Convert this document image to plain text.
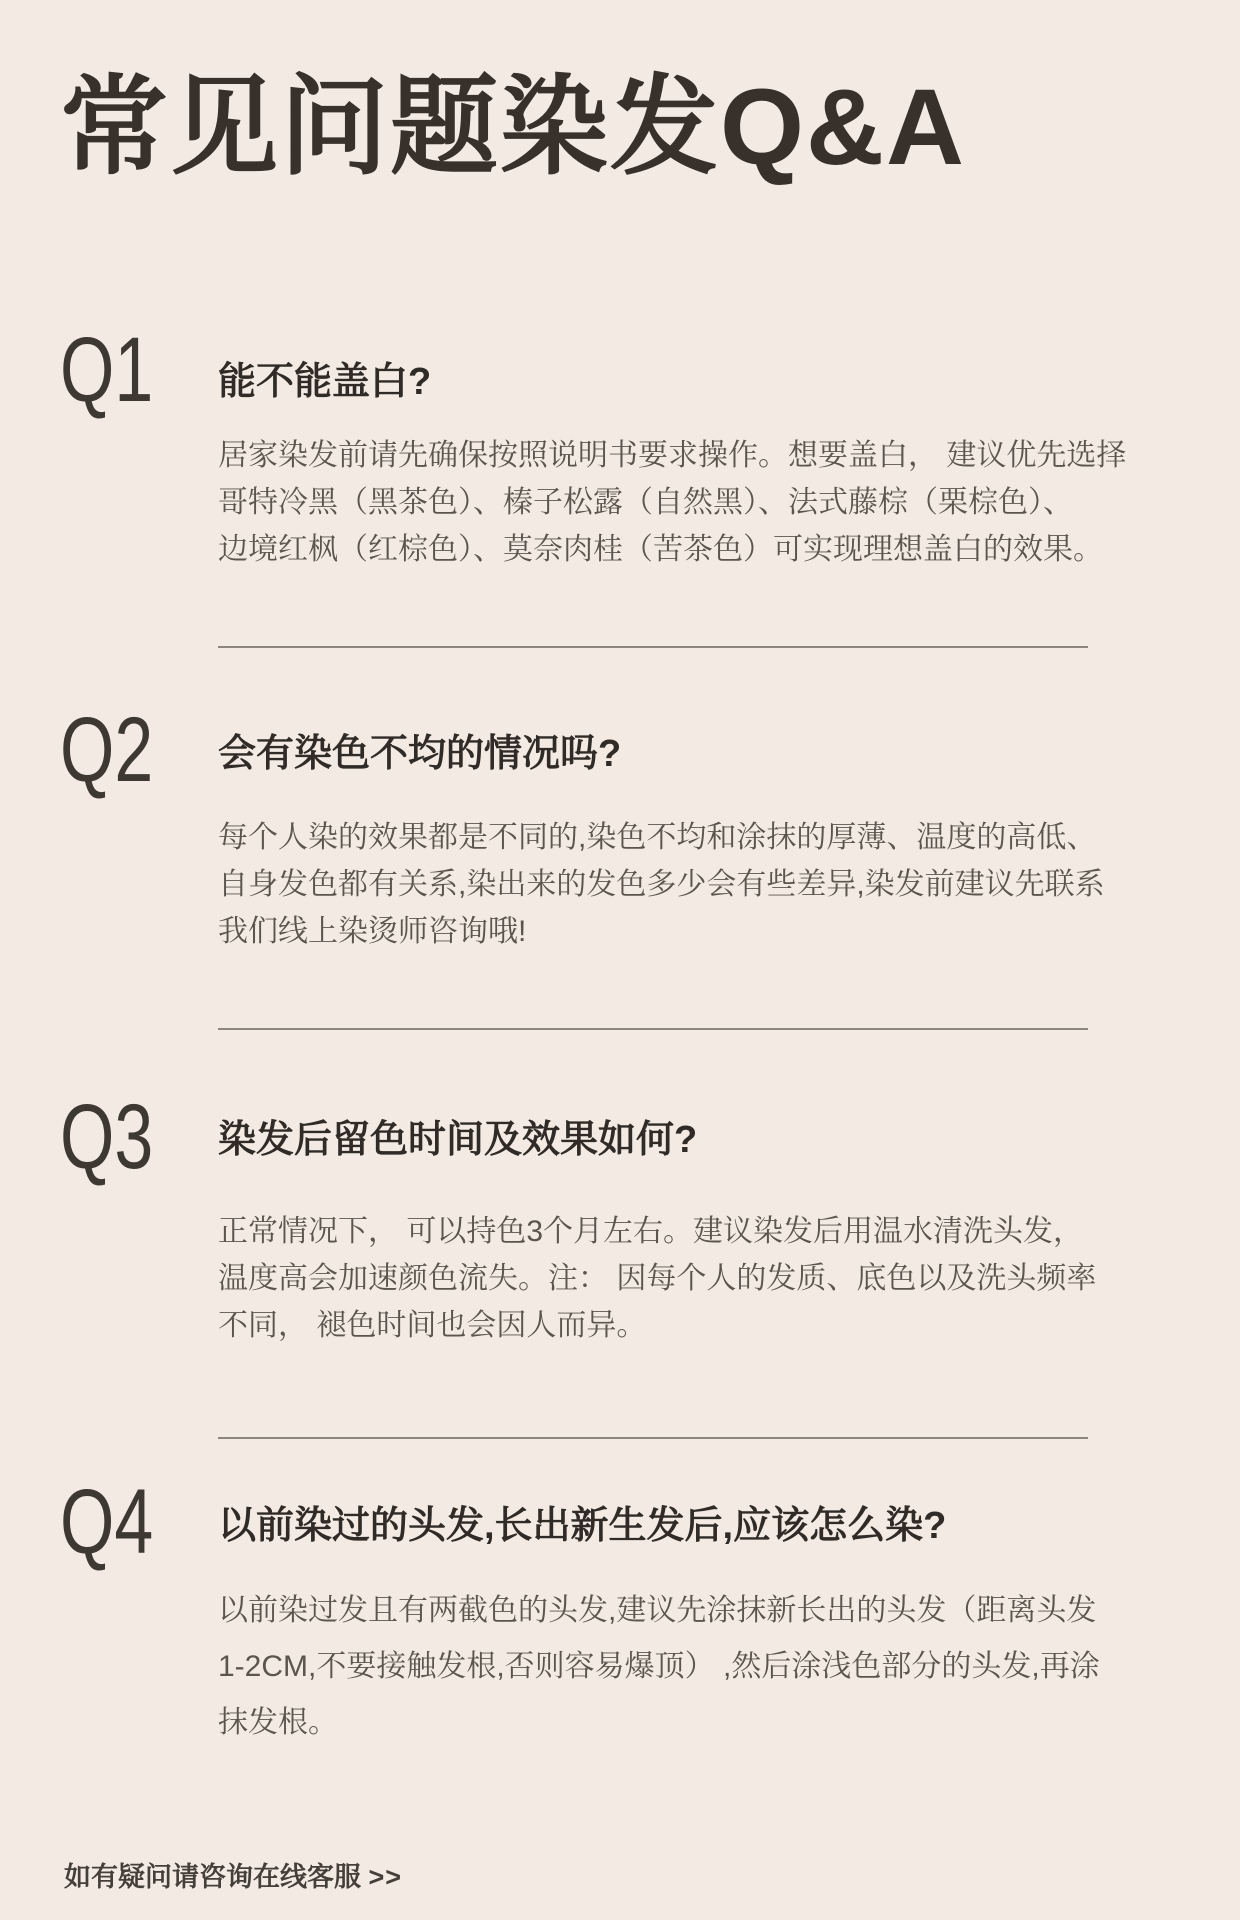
常见问题染发Q&A
Q1 能不能盖白?
居家染发前请先确保按照说明书要求操作。想要盖白， 建议优先选择
哥特冷黑（黑茶色）、榛子松露（自然黑）、法式藤棕（栗棕色）、
边境红枫（红棕色）、莫奈肉桂（苦茶色）可实现理想盖白的效果。
Q2 会有染色不均的情况吗?
每个人染的效果都是不同的,染色不均和涂抹的厚薄、温度的高低、
自身发色都有关系,染出来的发色多少会有些差异,染发前建议先联系
我们线上染烫师咨询哦!
Q3 染发后留色时间及效果如何?
正常情况下， 可以持色3个月左右。建议染发后用温水清洗头发，
温度高会加速颜色流失。注： 因每个人的发质、底色以及洗头频率
不同， 褪色时间也会因人而异。
Q4 以前染过的头发,长出新生发后,应该怎么染?
以前染过发且有两截色的头发,建议先涂抹新长出的头发（距离头发
1-2CM,不要接触发根,否则容易爆顶） ,然后涂浅色部分的头发,再涂
抹发根。
如有疑问请咨询在线客服 >>
